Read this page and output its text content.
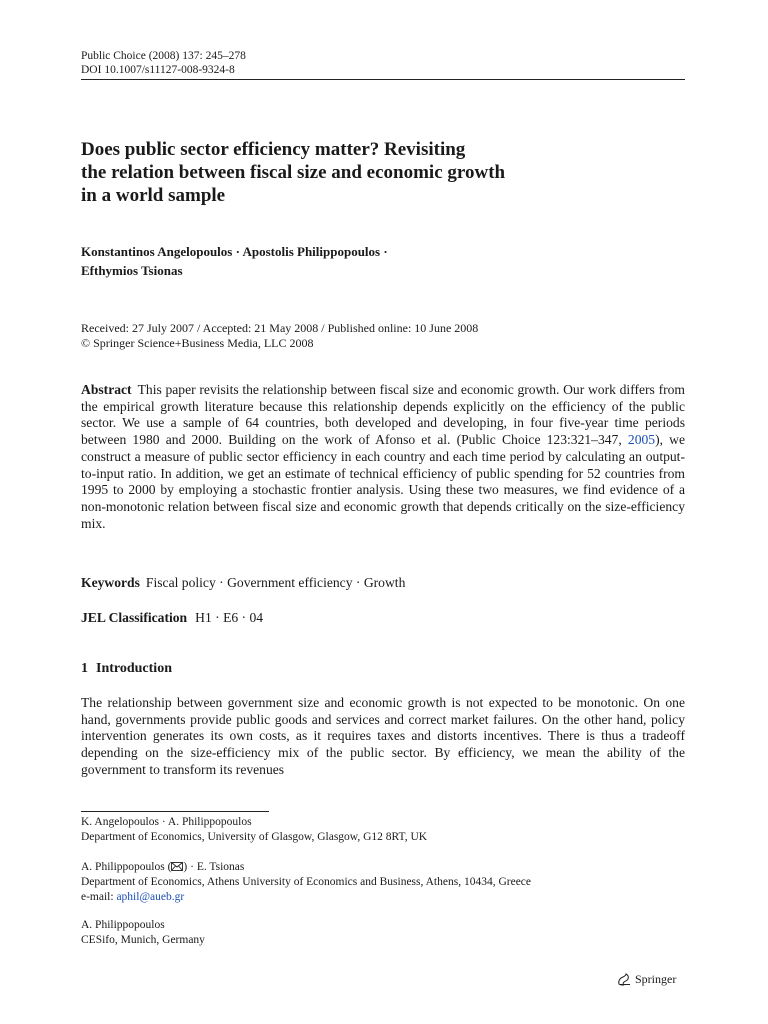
Public Choice (2008) 137: 245–278
DOI 10.1007/s11127-008-9324-8
Does public sector efficiency matter? Revisiting
the relation between fiscal size and economic growth
in a world sample
Konstantinos Angelopoulos · Apostolis Philippopoulos ·
Efthymios Tsionas
Received: 27 July 2007 / Accepted: 21 May 2008 / Published online: 10 June 2008
© Springer Science+Business Media, LLC 2008
Abstract This paper revisits the relationship between fiscal size and economic growth. Our work differs from the empirical growth literature because this relationship depends explicitly on the efficiency of the public sector. We use a sample of 64 countries, both developed and developing, in four five-year time periods between 1980 and 2000. Building on the work of Afonso et al. (Public Choice 123:321–347, 2005), we construct a measure of public sector efficiency in each country and each time period by calculating an output-to-input ratio. In addition, we get an estimate of technical efficiency of public spending for 52 countries from 1995 to 2000 by employing a stochastic frontier analysis. Using these two measures, we find evidence of a non-monotonic relation between fiscal size and economic growth that depends critically on the size-efficiency mix.
Keywords Fiscal policy · Government efficiency · Growth
JEL Classification H1 · E6 · 04
1 Introduction
The relationship between government size and economic growth is not expected to be monotonic. On one hand, governments provide public goods and services and correct market failures. On the other hand, policy intervention generates its own costs, as it requires taxes and distorts incentives. There is thus a tradeoff depending on the size-efficiency mix of the public sector. By efficiency, we mean the ability of the government to transform its revenues
K. Angelopoulos · A. Philippopoulos
Department of Economics, University of Glasgow, Glasgow, G12 8RT, UK
A. Philippopoulos ( ) · E. Tsionas
Department of Economics, Athens University of Economics and Business, Athens, 10434, Greece
e-mail: aphil@aueb.gr
A. Philippopoulos
CESifo, Munich, Germany
Springer
